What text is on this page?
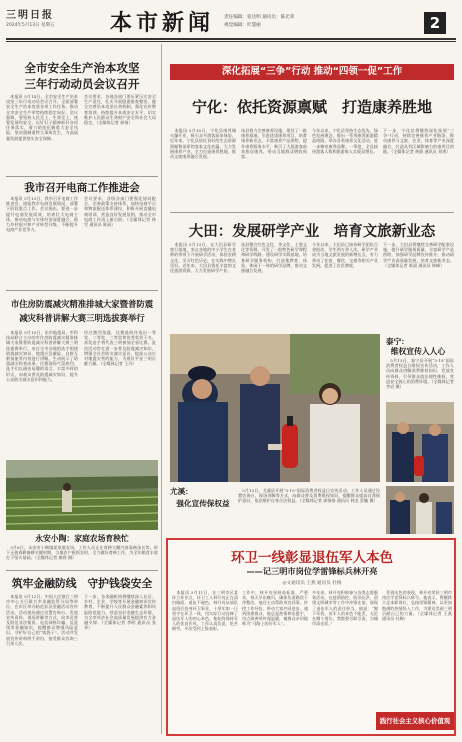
三明日报
2024年5月13日 星期五	本市新闻 责任编辑：张达明 通讯员：陈光荣
视觉编辑：叶慧丽	2
全市安全生产治本攻坚
三年行动动员会议召开
　本报讯 5月14日，全市安全生产治本攻坚三年行动动员会议召开，全面部署安全生产治本攻坚各项工作任务，推动全市安全生产形势持续稳定向好。会议强调，要坚持人民至上、生命至上，统筹发展和安全，以钉钉子精神抓好各项任务落实，着力防范化解重大安全风险，坚决遏制重特大事故发生，为高质量发展提供坚实安全保障。
会议要求，各地各部门要压紧压实安全生产责任，扎实开展隐患排查整治，健全完善治本攻坚长效机制，强化宣传教育培训，持续提升本质安全水平，切实维护人民群众生命财产安全和社会大局稳定。（全媒体记者 郭扬）
我市召开电商工作推进会
　本报讯 5月13日，我市召开电商工作推进会，通报我市电商发展情况，部署下阶段重点工作。会议指出，要进一步提升电商发展质效，培育壮大电商主体，推动电商与实体经济深度融合，助力乡村振兴和产业转型升级，不断提升电商产业竞争力。
会议要求，各级各部门要强化协同配合，完善政策支持体系，加快电商平台和物流配送体系建设，积极开展直播电商培训，营造良好发展氛围，推动全市电商工作再上新台阶。（全媒体记者 林雪 通讯员 陈丽）
市住房防震减灾精准排城大家暨普防震
减灾科普讲解大赛三明选拔赛举行
　本报讯 5月10日，由市地震局、市科技局联合主办的市住房防震减灾精准排城大家暨普防震减灾科普讲解大赛三明选拔赛举行。来自全市各地的选手围绕防震减灾知识、地震应急避险、自救互救技能等内容进行讲解，生动展示了防震减灾科普成果。比赛现场气氛热烈，选手们以通俗易懂的语言、丰富多样的形式，向观众普及防震减灾知识，提升公众防灾减灾意识和能力。
经过激烈角逐，比赛最终评选出一等奖、二等奖、三等奖和优秀奖若干名，获奖选手将代表三明参加全省比赛。此次活动旨在进一步普及防震减灾知识，增强全社会防灾减灾意识，提高公众应对地震灾害的能力，为建设平安三明贡献力量。（全媒体记者 王丹）
永安小陶：家庭农场育秧忙
　5月8日，永安市小陶镇某家庭农场，工作人员正在育秧大棚内查看秧苗长势。时下正值春耕备耕关键时期，当地农户抢抓农时，全力做好育秧工作，为全年粮食丰收打下坚实基础。（全媒体记者 廖春 摄）
筑牢金融防线　守护钱袋安全
　本报讯 5月12日，中国人民银行三明市中心支行联合市金融监管分局等单位，在市区举办防范非法金融活动宣传活动。活动现场通过设置咨询台、发放宣传资料、现场讲解等方式，向市民普及防范非法集资、电信网络诈骗、反洗钱等金融知识，提醒群众增强风险意识，守护好自己的“钱袋子”。活动共发放宣传资料两千余份，接受群众咨询三百余人次。
下一步，各金融机构将继续深入社区、乡村、企业、学校等开展金融知识宣传教育，不断提升人民群众金融素养和风险防范能力，营造良好金融生态环境，为全市经济社会高质量发展提供有力金融支撑。（全媒体记者 李明 通讯员 张华）
深化拓展“三争”行动 推动“四领一促”工作
宁化：依托资源禀赋　打造康养胜地
　本报讯 5月10日，宁化县康养城火爆开业，吸引众多游客前来体验。近年来，宁化县依托良好的生态资源禀赋和深厚的客家文化底蕴，大力发展康养产业，全力打造康养胜地，推动文旅康养融合发展。
该县着力完善康养设施，建设了一批康养基地，引进优质康养项目，培育康养新业态，丰富康养产品供给，提升康养服务水平，吸引了大批游客前来旅居康养，带动当地群众增收致富。
今年以来，宁化县坚持生态优先、绿色发展理念，推出一系列康养旅游精品线路，举办各类康养文化活动，进一步擦亮康养品牌。一季度，全县接待游客人数和旅游收入实现双增长。
下一步，宁化县将继续深化拓展“三争”行动，持续完善康养产业链条，推动康养与文旅、农业、体育等产业深度融合，打造具有区域影响力的康养目的地。（全媒体记者 黄丽 通讯员 刘勇）
大田：发展研学产业　培育文旅新业态
　本报讯 5月13日，在大田县研学旅行基地，来自各地的中小学生在老师的带领下开展研学活动，体验农耕文化、学习红色历史，在实践中增长见识。近年来，大田县依托丰富的文化旅游资源，大力发展研学产业。
该县整合红色文化、茶文化、土堡文化等资源，开发了一批特色研学课程和研学线路，建设研学实践基地，培育研学服务机构，打造集教育、体验、休闲于一体的研学品牌，推动文旅融合发展。
今年以来，大田县已接待研学团队百余批次、学生两万余人次，研学产业成为当地文旅发展的新增长点，有力带动了住宿、餐饮、交通等相关产业发展，促进了农民增收。
下一步，大田县将继续完善研学配套设施，提升研学服务质量，丰富研学产品供给，加强研学品牌宣传推介，推动研学产业高质量发展，培育文旅新业态。（全媒体记者 陈晨 通讯员 林峰）
泰宁：
维权宣传入人心
　5月13日，泰宁县开展“3·15”国际消费者权益日维权宣传活动，工作人员向群众讲解消费维权知识，发放宣传资料，引导群众依法理性维权，营造安全放心的消费环境。（全媒体记者 李岩 摄）
尤溪：
强化宣传保权益
　5月13日，尤溪县开展“3·15”国际消费者权益日宣传活动。工作人员通过设置咨询台、现场讲解等方式，向群众普及消费维权知识，提醒群众提高自我保护意识，依法维护自身合法权益。（全媒体记者 郭扬扬 通讯员 林龙 雷毓 摄）
环卫一线彰显退伍军人本色
——记三明市岗位学雷锋标兵林开亮
◎文通讯员 王燕 通讯员 杜梅
　本报讯 5月11日，在三明市区某环卫作业点，环卫工人林开亮正在清扫路面。退伍不褪色，林开亮从部队退役后投身环卫事业，十余年如一日坚守在环卫一线，用实际行动诠释了退伍军人的初心本色。他始终保持军人的优良作风，工作认真负责，吃苦耐劳，多次受到上级表彰。
工作中，林开亮坚持高标准、严要求，每天早出晚归，确保负责路段干净整洁。他还主动帮助身边同事，传授工作经验，带动大家共同进步。遇到困难群众，他总是热情伸出援手，用点滴善举传递温暖，被群众亲切地称为“马路上的好军人”。
多年来，林开亮积极参与各类志愿服务活动，在疫情防控、防汛抗洪、创建文明城市等工作中冲锋在前，展现了退伍军人的责任担当。他说：“脱下军装，但军人的本色不能丢，无论在哪个岗位，我都要尽职尽责，为城市添光彩。”
　凭借出色的表现，林开亮荣获三明市岗位学雷锋标兵称号。他表示，将继续立足本职岗位，弘扬雷锋精神，以更加饱满的热情投入工作，为建设美丽三明贡献自己的力量。（全媒体记者 王燕 通讯员 杜梅）
践行社会主义核心价值观
